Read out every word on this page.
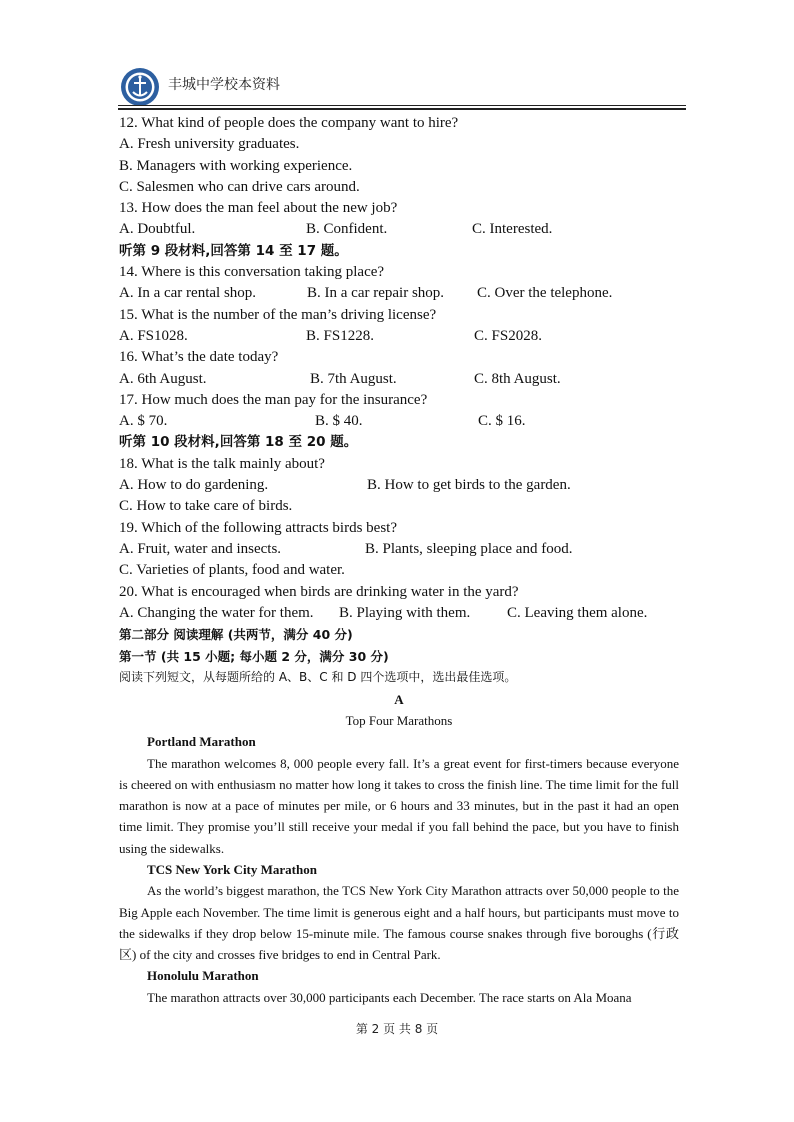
丰城中学校本资料
12. What kind of people does the company want to hire?
A. Fresh university graduates.
B. Managers with working experience.
C. Salesmen who can drive cars around.
13. How does the man feel about the new job?
A. Doubtful.	B. Confident.	C. Interested.
听第 9 段材料,回答第 14 至 17 题。
14. Where is this conversation taking place?
A. In a car rental shop.	B. In a car repair shop. C. Over the telephone.
15. What is the number of the man’s driving license?
A. FS1028.	B. FS1228.	C. FS2028.
16. What’s the date today?
A. 6th August.	B. 7th August.	C. 8th August.
17. How much does the man pay for the insurance?
A. $ 70.	B. $ 40.	C. $ 16.
听第 10 段材料,回答第 18 至 20 题。
18. What is the talk mainly about?
A. How to do gardening.	B. How to get birds to the garden.
C. How to take care of birds.
19. Which of the following attracts birds best?
A. Fruit, water and insects.	B. Plants, sleeping place and food.
C. Varieties of plants, food and water.
20. What is encouraged when birds are drinking water in the yard?
A. Changing the water for them. B. Playing with them. C. Leaving them alone.
第二部分 阅读理解 (共两节，满分 40 分)
第一节 (共 15 小题; 每小题 2 分，满分 30 分)
阅读下列短文，从每题所给的 A、B、C 和 D 四个选项中，选出最佳选项。
A
Top Four Marathons
Portland Marathon

The marathon welcomes 8, 000 people every fall. It’s a great event for first-timers because everyone is cheered on with enthusiasm no matter how long it takes to cross the finish line. The time limit for the full marathon is now at a pace of minutes per mile, or 6 hours and 33 minutes, but in the past it had an open time limit. They promise you’ll still receive your medal if you fall behind the pace, but you have to finish using the sidewalks.

TCS New York City Marathon

As the world’s biggest marathon, the TCS New York City Marathon attracts over 50,000 people to the Big Apple each November. The time limit is generous eight and a half hours, but participants must move to the sidewalks if they drop below 15-minute mile. The famous course snakes through five boroughs (行政区) of the city and crosses five bridges to end in Central Park.

Honolulu Marathon

The marathon attracts over 30,000 participants each December. The race starts on Ala Moana

第 2 页 共 8 页
